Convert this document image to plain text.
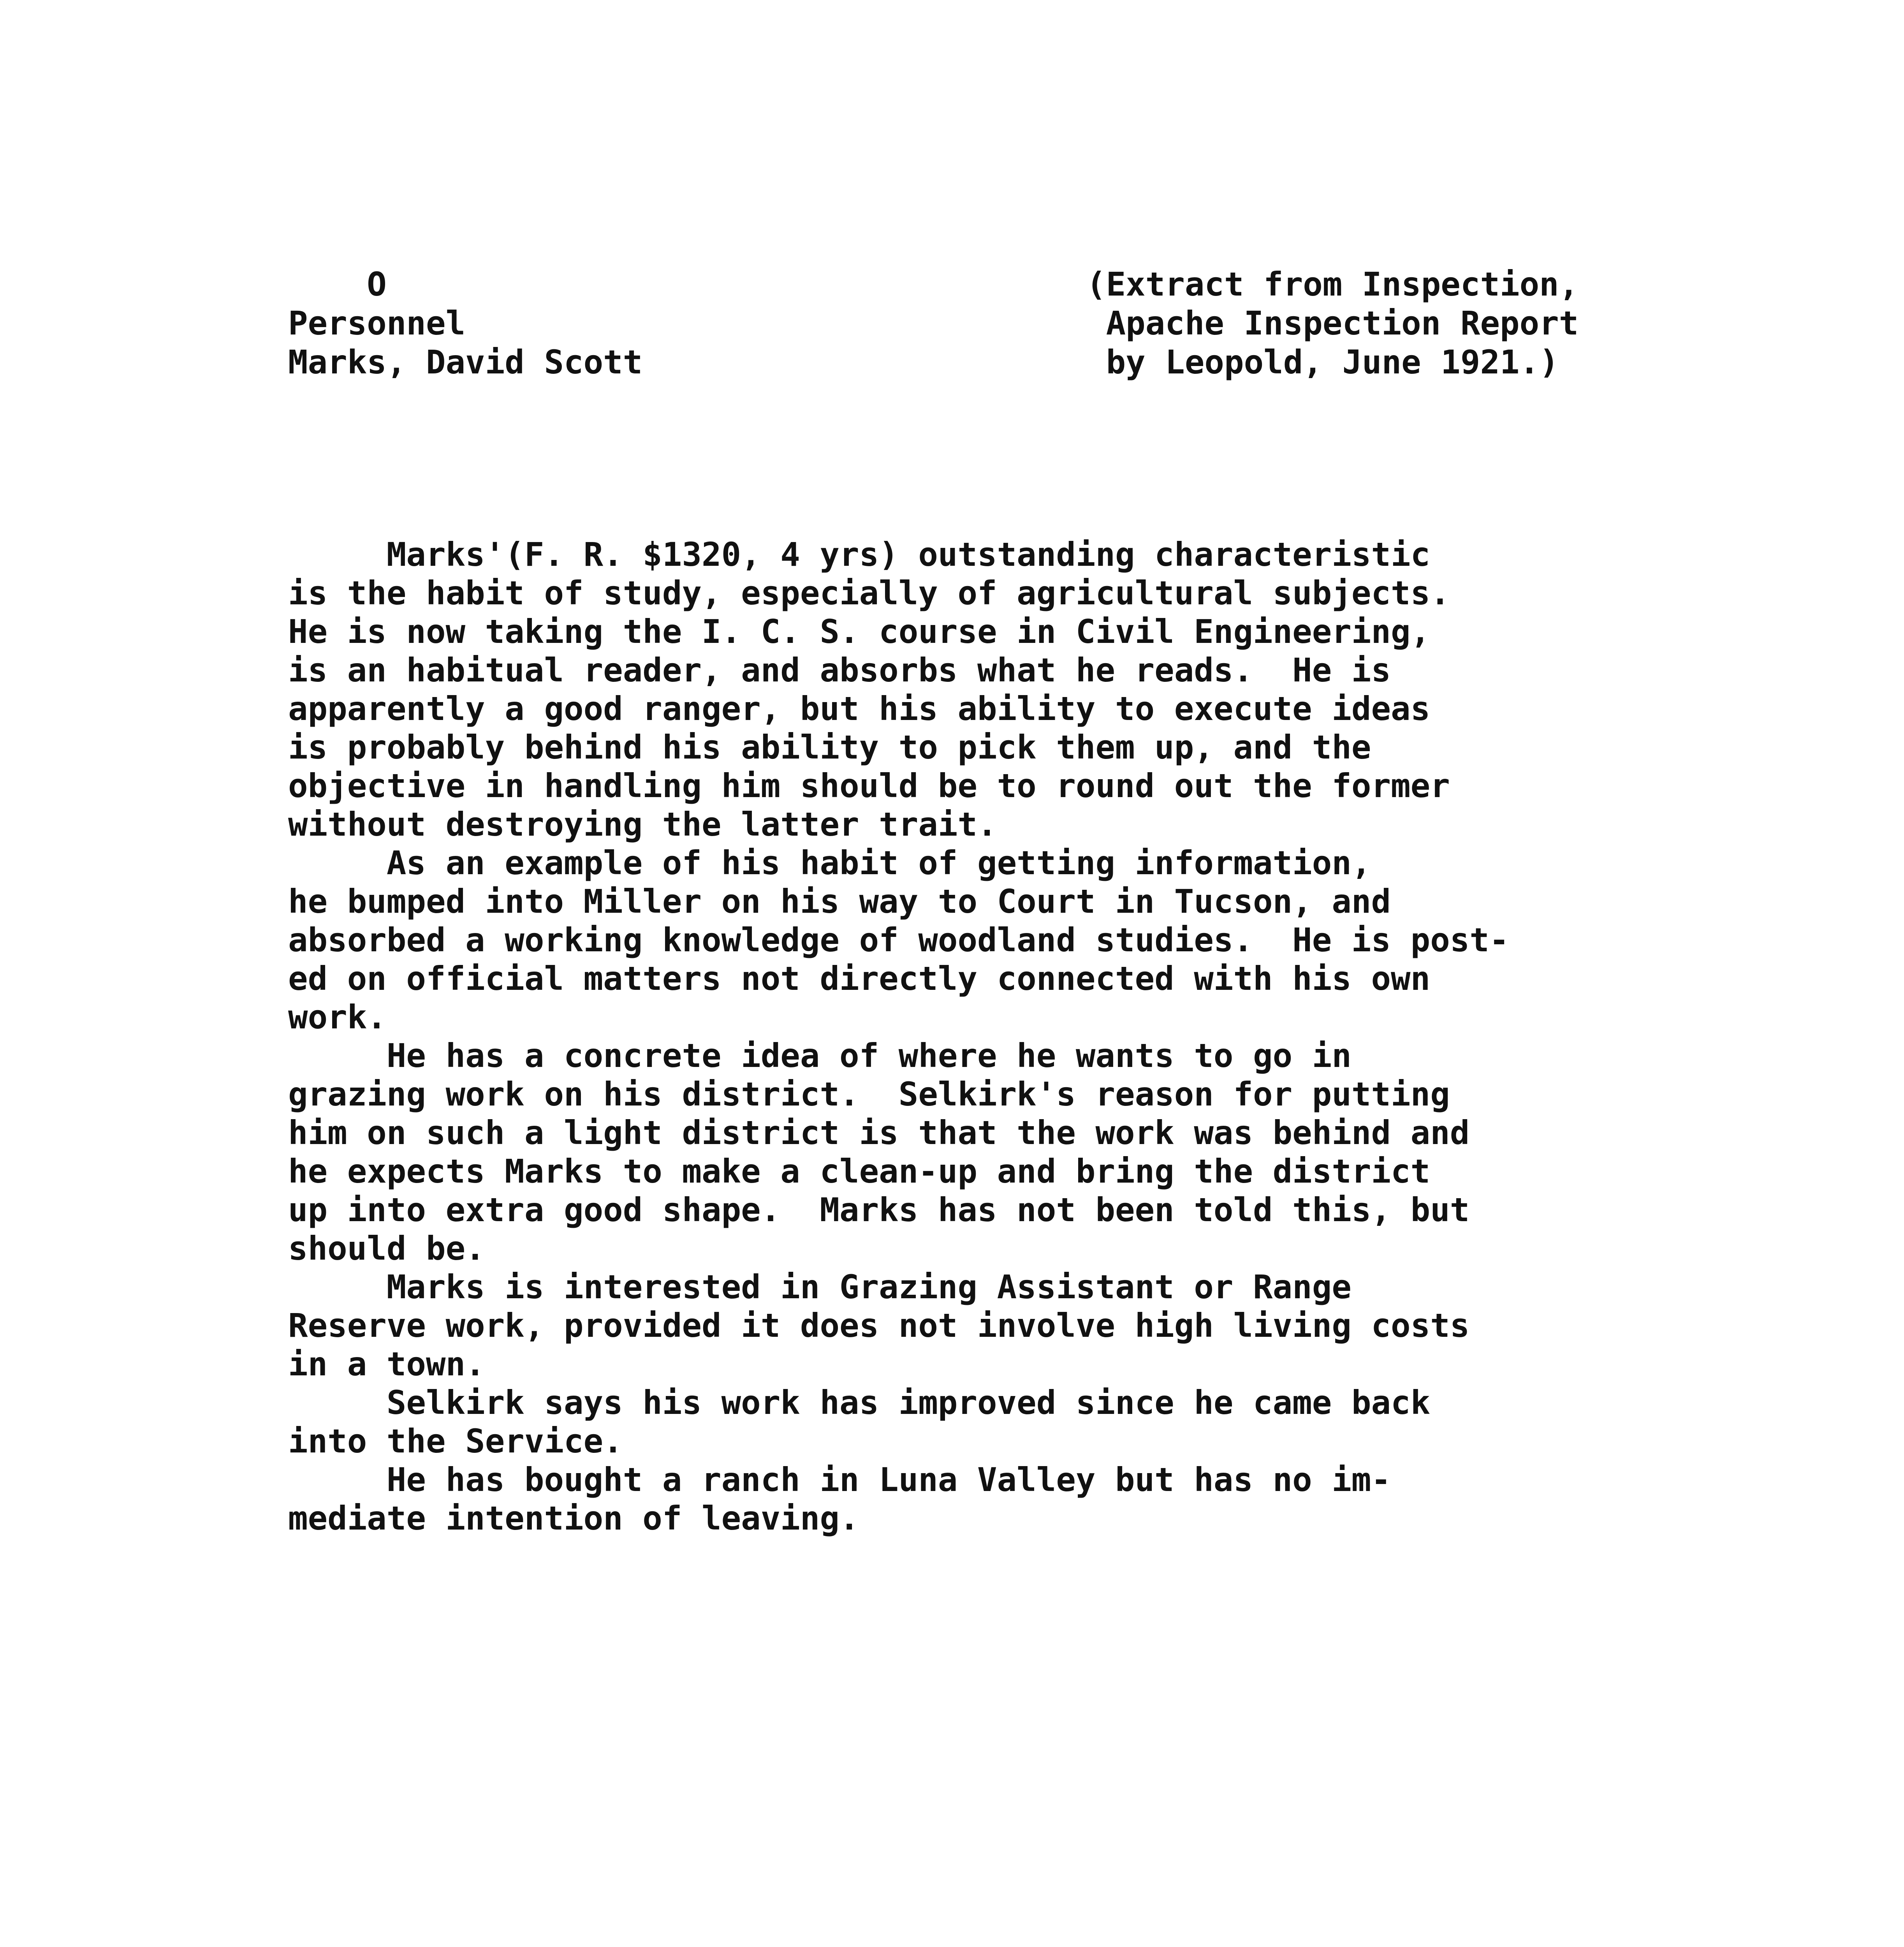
O
Personnel
Marks, David Scott
(Extract from Inspection,
Apache Inspection Report
by Leopold, June 1921.)
Marks'(F. R. $1320, 4 yrs) outstanding characteristic
is the habit of study, especially of agricultural subjects.
He is now taking the I. C. S. course in Civil Engineering,
is an habitual reader, and absorbs what he reads.  He is
apparently a good ranger, but his ability to execute ideas
is probably behind his ability to pick them up, and the
objective in handling him should be to round out the former
without destroying the latter trait.
As an example of his habit of getting information,
he bumped into Miller on his way to Court in Tucson, and
absorbed a working knowledge of woodland studies.  He is post-
ed on official matters not directly connected with his own
work.
He has a concrete idea of where he wants to go in
grazing work on his district.  Selkirk's reason for putting
him on such a light district is that the work was behind and
he expects Marks to make a clean-up and bring the district
up into extra good shape.  Marks has not been told this, but
should be.
Marks is interested in Grazing Assistant or Range
Reserve work, provided it does not involve high living costs
in a town.
Selkirk says his work has improved since he came back
into the Service.
He has bought a ranch in Luna Valley but has no im-
mediate intention of leaving.
